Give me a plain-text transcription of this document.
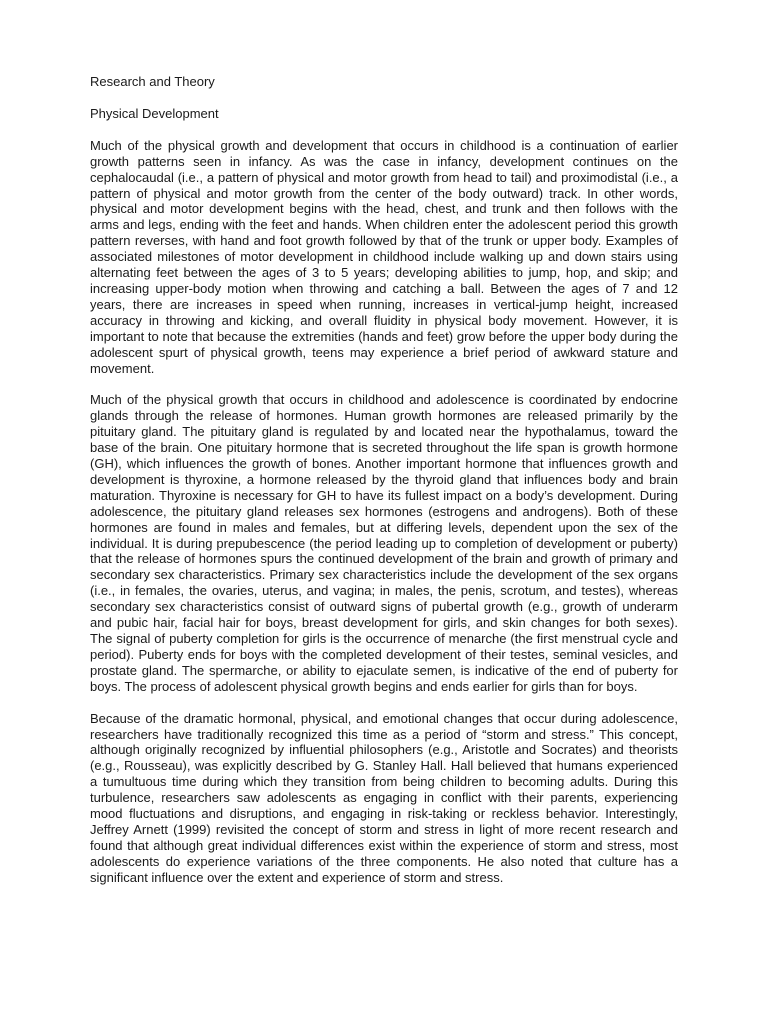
Research and Theory

Physical Development

Much of the physical growth and development that occurs in childhood is a continuation of earlier growth patterns seen in infancy. As was the case in infancy, development continues on the cephalocaudal (i.e., a pattern of physical and motor growth from head to tail) and proximodistal (i.e., a pattern of physical and motor growth from the center of the body outward) track. In other words, physical and motor development begins with the head, chest, and trunk and then follows with the arms and legs, ending with the feet and hands. When children enter the adolescent period this growth pattern reverses, with hand and foot growth followed by that of the trunk or upper body. Examples of associated milestones of motor development in childhood include walking up and down stairs using alternating feet between the ages of 3 to 5 years; developing abilities to jump, hop, and skip; and increasing upper-body motion when throwing and catching a ball. Between the ages of 7 and 12 years, there are increases in speed when running, increases in vertical-jump height, increased accuracy in throwing and kicking, and overall fluidity in physical body movement. However, it is important to note that because the extremities (hands and feet) grow before the upper body during the adolescent spurt of physical growth, teens may experience a brief period of awkward stature and movement.

Much of the physical growth that occurs in childhood and adolescence is coordinated by endocrine glands through the release of hormones. Human growth hormones are released primarily by the pituitary gland. The pituitary gland is regulated by and located near the hypothalamus, toward the base of the brain. One pituitary hormone that is secreted throughout the life span is growth hormone (GH), which influences the growth of bones. Another important hormone that influences growth and development is thyroxine, a hormone released by the thyroid gland that influences body and brain maturation. Thyroxine is necessary for GH to have its fullest impact on a body’s development. During adolescence, the pituitary gland releases sex hormones (estrogens and androgens). Both of these hormones are found in males and females, but at differing levels, dependent upon the sex of the individual. It is during prepubescence (the period leading up to completion of development or puberty) that the release of hormones spurs the continued development of the brain and growth of primary and secondary sex characteristics. Primary sex characteristics include the development of the sex organs (i.e., in females, the ovaries, uterus, and vagina; in males, the penis, scrotum, and testes), whereas secondary sex characteristics consist of outward signs of pubertal growth (e.g., growth of underarm and pubic hair, facial hair for boys, breast development for girls, and skin changes for both sexes). The signal of puberty completion for girls is the occurrence of menarche (the first menstrual cycle and period). Puberty ends for boys with the completed development of their testes, seminal vesicles, and prostate gland. The spermarche, or ability to ejaculate semen, is indicative of the end of puberty for boys. The process of adolescent physical growth begins and ends earlier for girls than for boys.

Because of the dramatic hormonal, physical, and emotional changes that occur during adolescence, researchers have traditionally recognized this time as a period of “storm and stress.” This concept, although originally recognized by influential philosophers (e.g., Aristotle and Socrates) and theorists (e.g., Rousseau), was explicitly described by G. Stanley Hall. Hall believed that humans experienced a tumultuous time during which they transition from being children to becoming adults. During this turbulence, researchers saw adolescents as engaging in conflict with their parents, experiencing mood fluctuations and disruptions, and engaging in risk-taking or reckless behavior. Interestingly, Jeffrey Arnett (1999) revisited the concept of storm and stress in light of more recent research and found that although great individual differences exist within the experience of storm and stress, most adolescents do experience variations of the three components. He also noted that culture has a significant influence over the extent and experience of storm and stress.
